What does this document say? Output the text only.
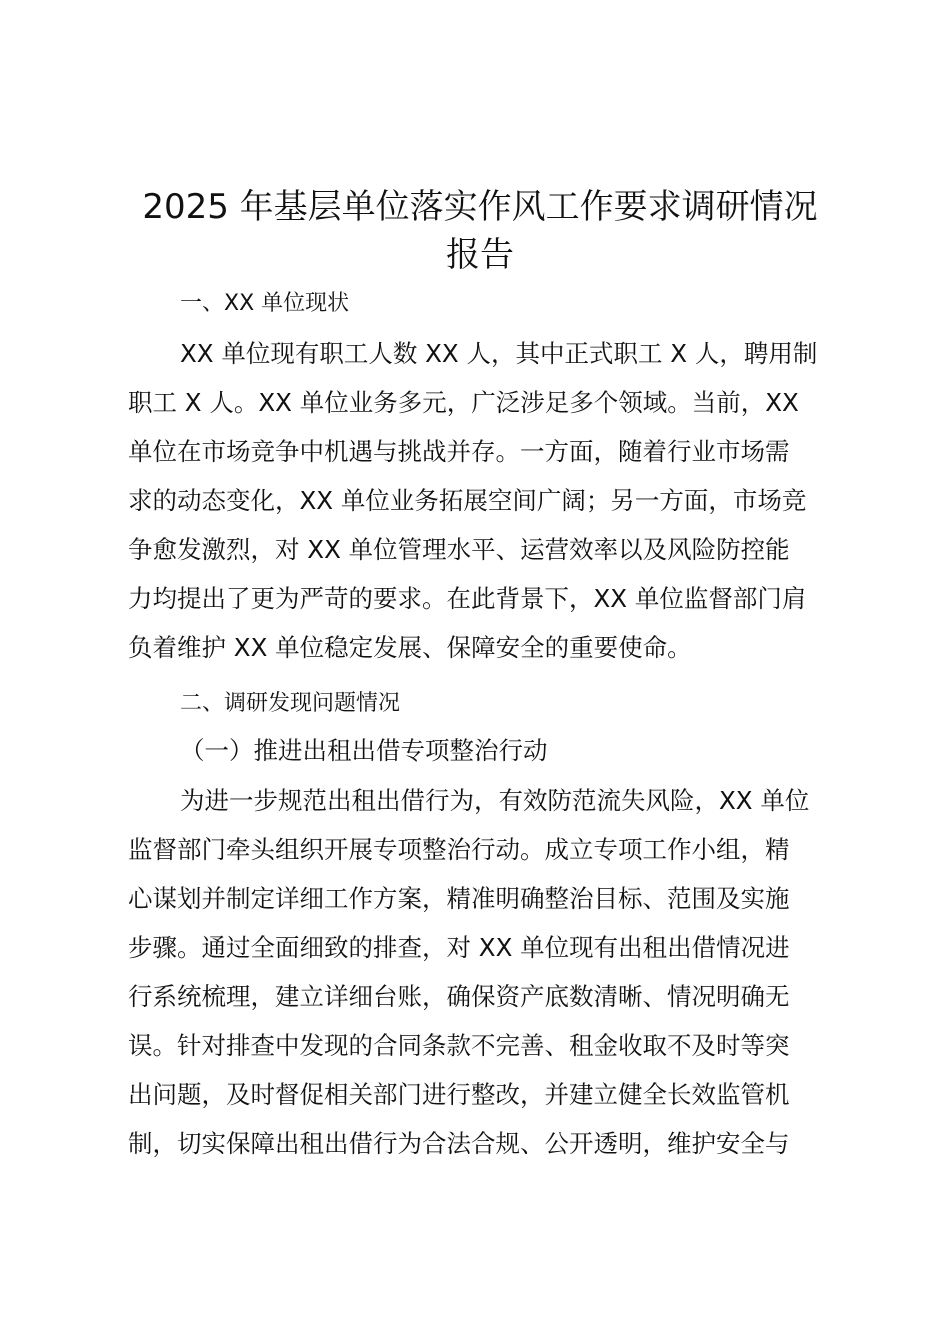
2025 年基层单位落实作风工作要求调研情况
报告

一、XX 单位现状

XX 单位现有职工人数 XX 人，其中正式职工 X 人，聘用制

职工 X 人。XX 单位业务多元，广泛涉足多个领域。当前，XX

单位在市场竞争中机遇与挑战并存。一方面，随着行业市场需

求的动态变化，XX 单位业务拓展空间广阔；另一方面，市场竞

争愈发激烈，对 XX 单位管理水平、运营效率以及风险防控能

力均提出了更为严苛的要求。在此背景下，XX 单位监督部门肩

负着维护 XX 单位稳定发展、保障安全的重要使命。

二、调研发现问题情况

（一）推进出租出借专项整治行动

为进一步规范出租出借行为，有效防范流失风险，XX 单位

监督部门牵头组织开展专项整治行动。成立专项工作小组，精

心谋划并制定详细工作方案，精准明确整治目标、范围及实施

步骤。通过全面细致的排查，对 XX 单位现有出租出借情况进

行系统梳理，建立详细台账，确保资产底数清晰、情况明确无

误。针对排查中发现的合同条款不完善、租金收取不及时等突

出问题，及时督促相关部门进行整改，并建立健全长效监管机

制，切实保障出租出借行为合法合规、公开透明，维护安全与
